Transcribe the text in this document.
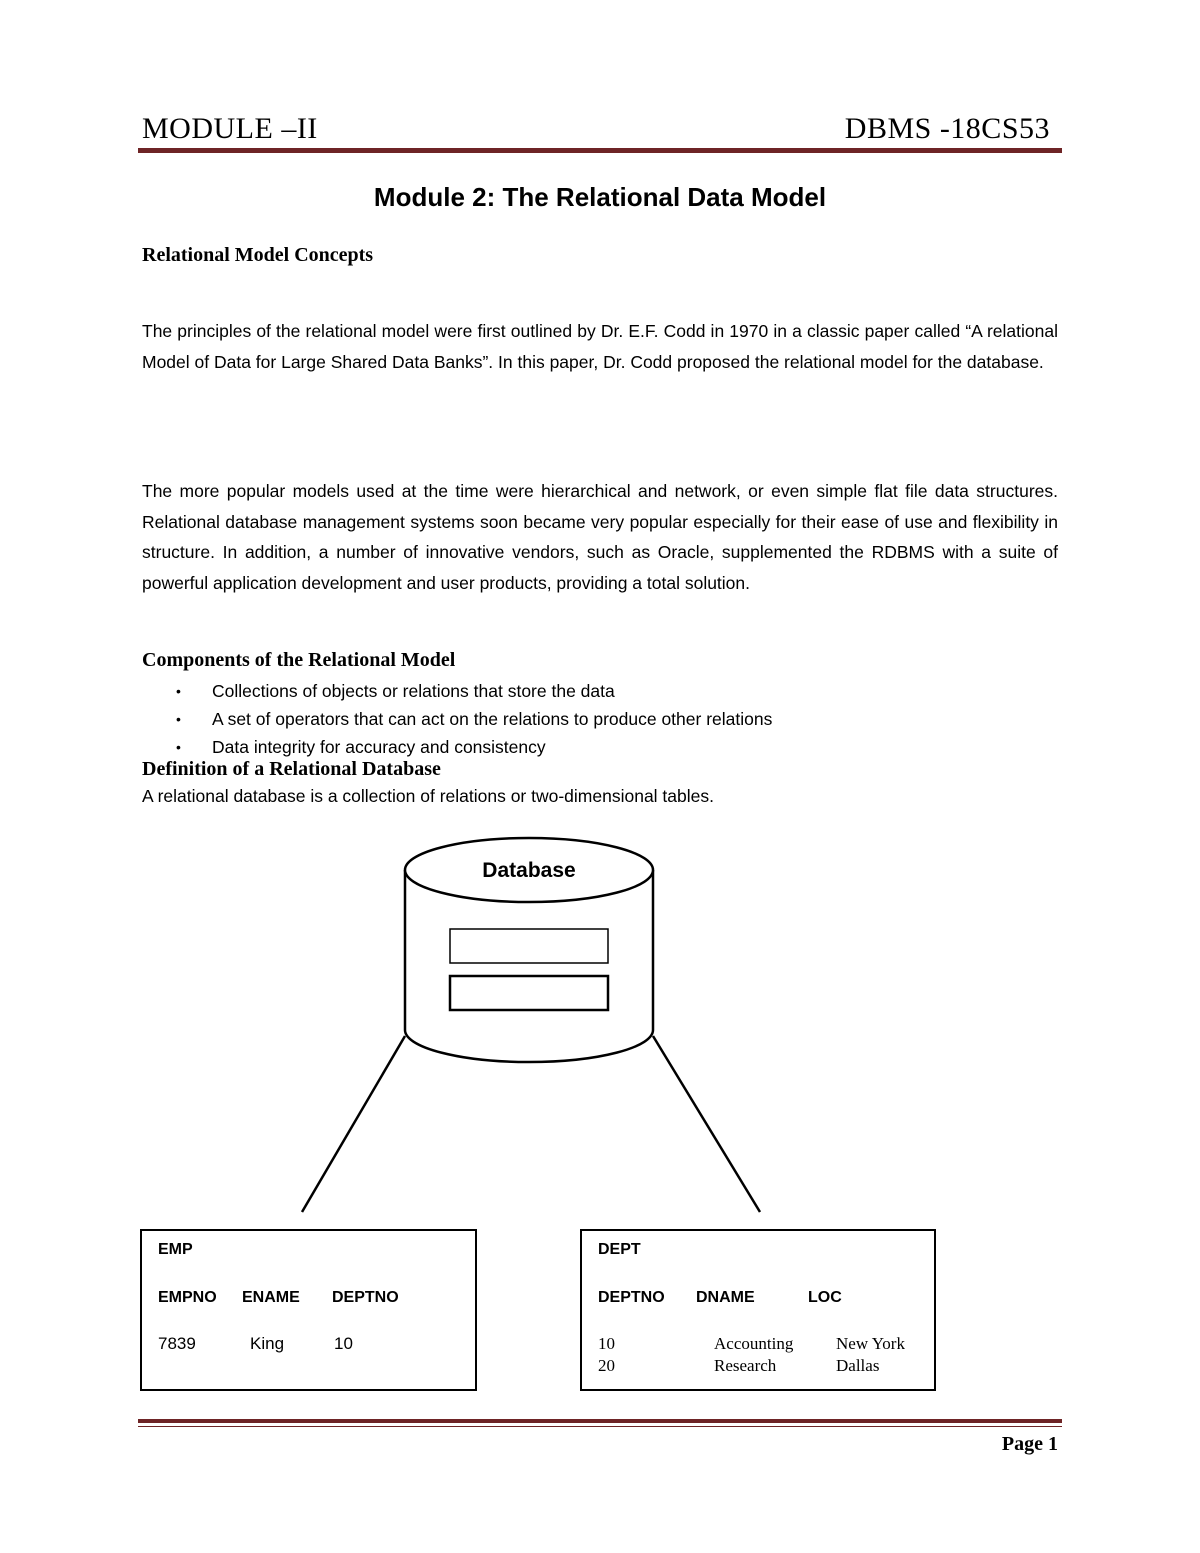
MODULE –II	DBMS -18CS53
Module 2: The Relational Data Model
Relational Model Concepts

The principles of the relational model were first outlined by Dr. E.F. Codd in 1970 in a classic paper called “A relational Model of Data for Large Shared Data Banks”. In this paper, Dr. Codd proposed the relational model for the database.

The more popular models used at the time were hierarchical and network, or even simple flat file data structures. Relational database management systems soon became very popular especially for their ease of use and flexibility in structure. In addition, a number of innovative vendors, such as Oracle, supplemented the RDBMS with a suite of powerful application development and user products, providing a total solution.

Components of the Relational Model
• Collections of objects or relations that store the data
• A set of operators that can act on the relations to produce other relations
• Data integrity for accuracy and consistency
Definition of a Relational Database
A relational database is a collection of relations or two-dimensional tables.
Database
EMP
EMPNO ENAME DEPTNO
7839	King	10
DEPT
DEPTNO DNAME	LOC
10	Accounting	New York
20	Research	Dallas
Page 1
